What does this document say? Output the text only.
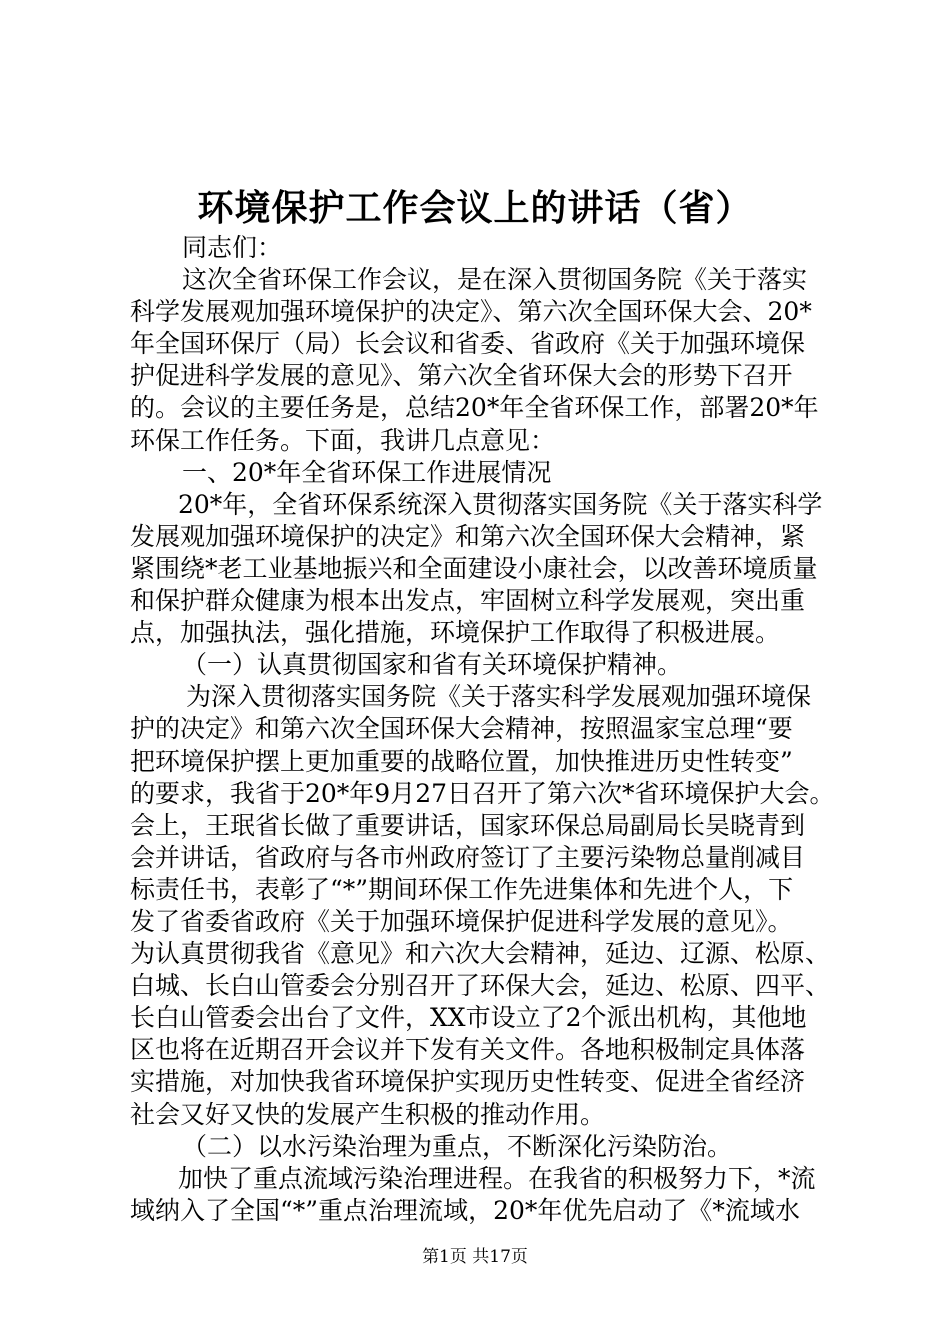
环境保护工作会议上的讲话（省）
同志们：
这次全省环保工作会议，是在深入贯彻国务院《关于落实
科学发展观加强环境保护的决定》、第六次全国环保大会、20*
年全国环保厅（局）长会议和省委、省政府《关于加强环境保
护促进科学发展的意见》、第六次全省环保大会的形势下召开
的。会议的主要任务是，总结20*年全省环保工作，部署20*年
环保工作任务。下面，我讲几点意见：
一、20*年全省环保工作进展情况
20*年，全省环保系统深入贯彻落实国务院《关于落实科学
发展观加强环境保护的决定》和第六次全国环保大会精神，紧
紧围绕*老工业基地振兴和全面建设小康社会，以改善环境质量
和保护群众健康为根本出发点，牢固树立科学发展观，突出重
点，加强执法，强化措施，环境保护工作取得了积极进展。
（一）认真贯彻国家和省有关环境保护精神。
为深入贯彻落实国务院《关于落实科学发展观加强环境保
护的决定》和第六次全国环保大会精神，按照温家宝总理“要
把环境保护摆上更加重要的战略位置，加快推进历史性转变”
的要求，我省于20*年9月27日召开了第六次*省环境保护大会。
会上，王珉省长做了重要讲话，国家环保总局副局长吴晓青到
会并讲话，省政府与各市州政府签订了主要污染物总量削减目
标责任书，表彰了“*”期间环保工作先进集体和先进个人，下
发了省委省政府《关于加强环境保护促进科学发展的意见》。
为认真贯彻我省《意见》和六次大会精神，延边、辽源、松原、
白城、长白山管委会分别召开了环保大会，延边、松原、四平、
长白山管委会出台了文件，XX市设立了2个派出机构，其他地
区也将在近期召开会议并下发有关文件。各地积极制定具体落
实措施，对加快我省环境保护实现历史性转变、促进全省经济
社会又好又快的发展产生积极的推动作用。
（二）以水污染治理为重点，不断深化污染防治。
加快了重点流域污染治理进程。在我省的积极努力下，*流
域纳入了全国“*”重点治理流域，20*年优先启动了《*流域水
第1页 共17页
